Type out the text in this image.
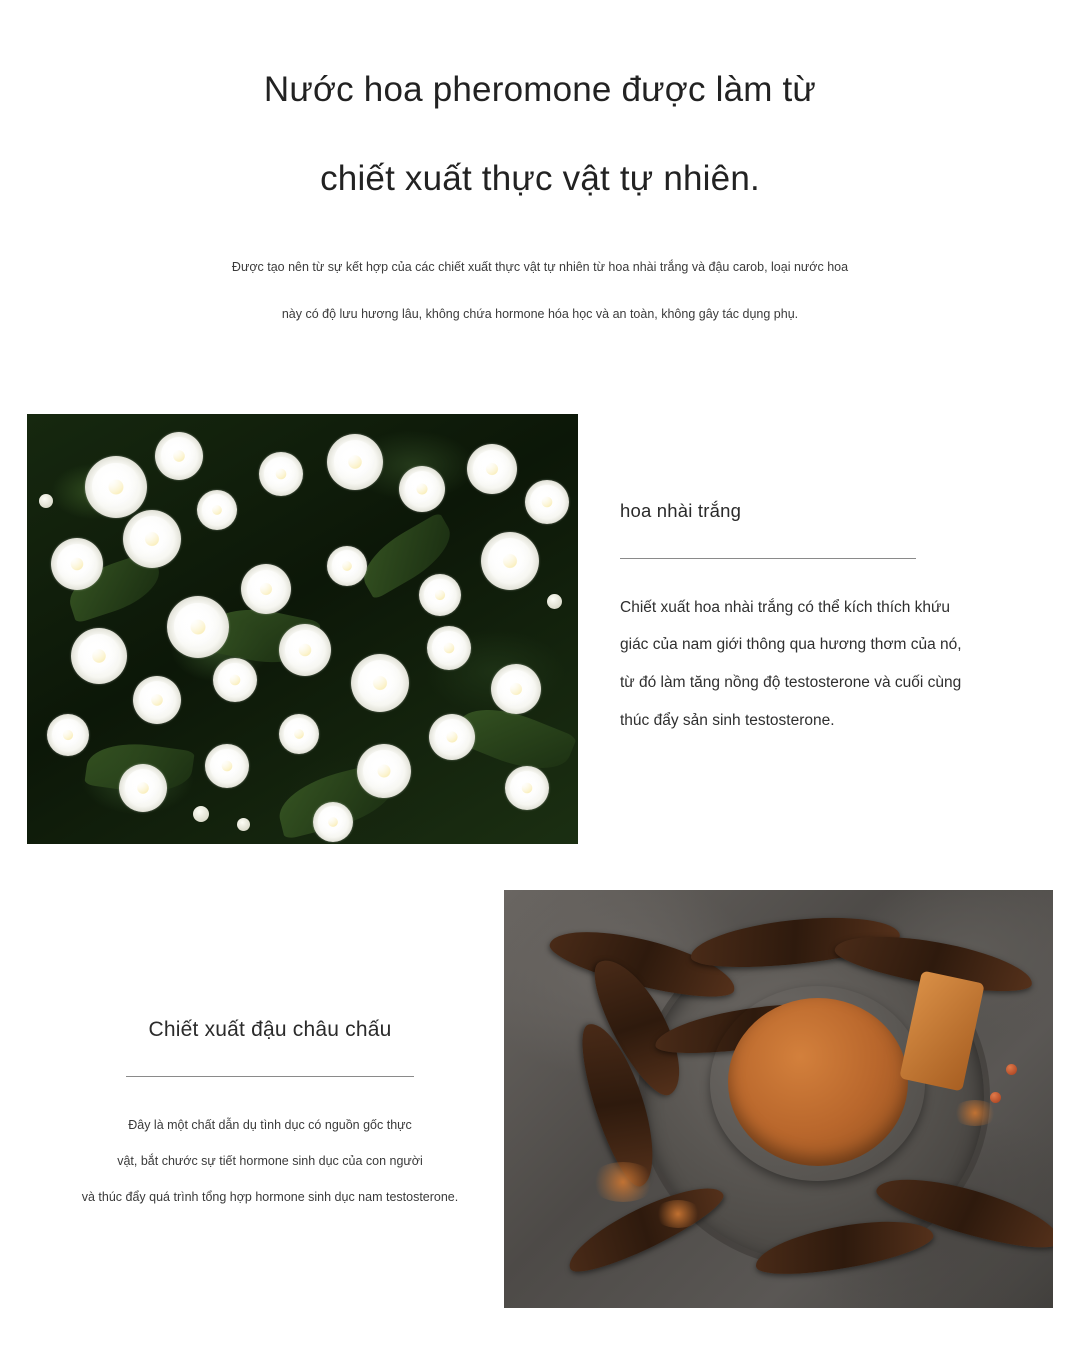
Nước hoa pheromone được làm từ
chiết xuất thực vật tự nhiên.

Được tạo nên từ sự kết hợp của các chiết xuất thực vật tự nhiên từ hoa nhài trắng và đậu carob, loại nước hoa

này có độ lưu hương lâu, không chứa hormone hóa học và an toàn, không gây tác dụng phụ.

hoa nhài trắng

Chiết xuất hoa nhài trắng có thể kích thích khứu
giác của nam giới thông qua hương thơm của nó,
từ đó làm tăng nồng độ testosterone và cuối cùng
thúc đẩy sản sinh testosterone.

Chiết xuất đậu châu chấu

Đây là một chất dẫn dụ tình dục có nguồn gốc thực
vật, bắt chước sự tiết hormone sinh dục của con người
và thúc đẩy quá trình tổng hợp hormone sinh dục nam testosterone.
